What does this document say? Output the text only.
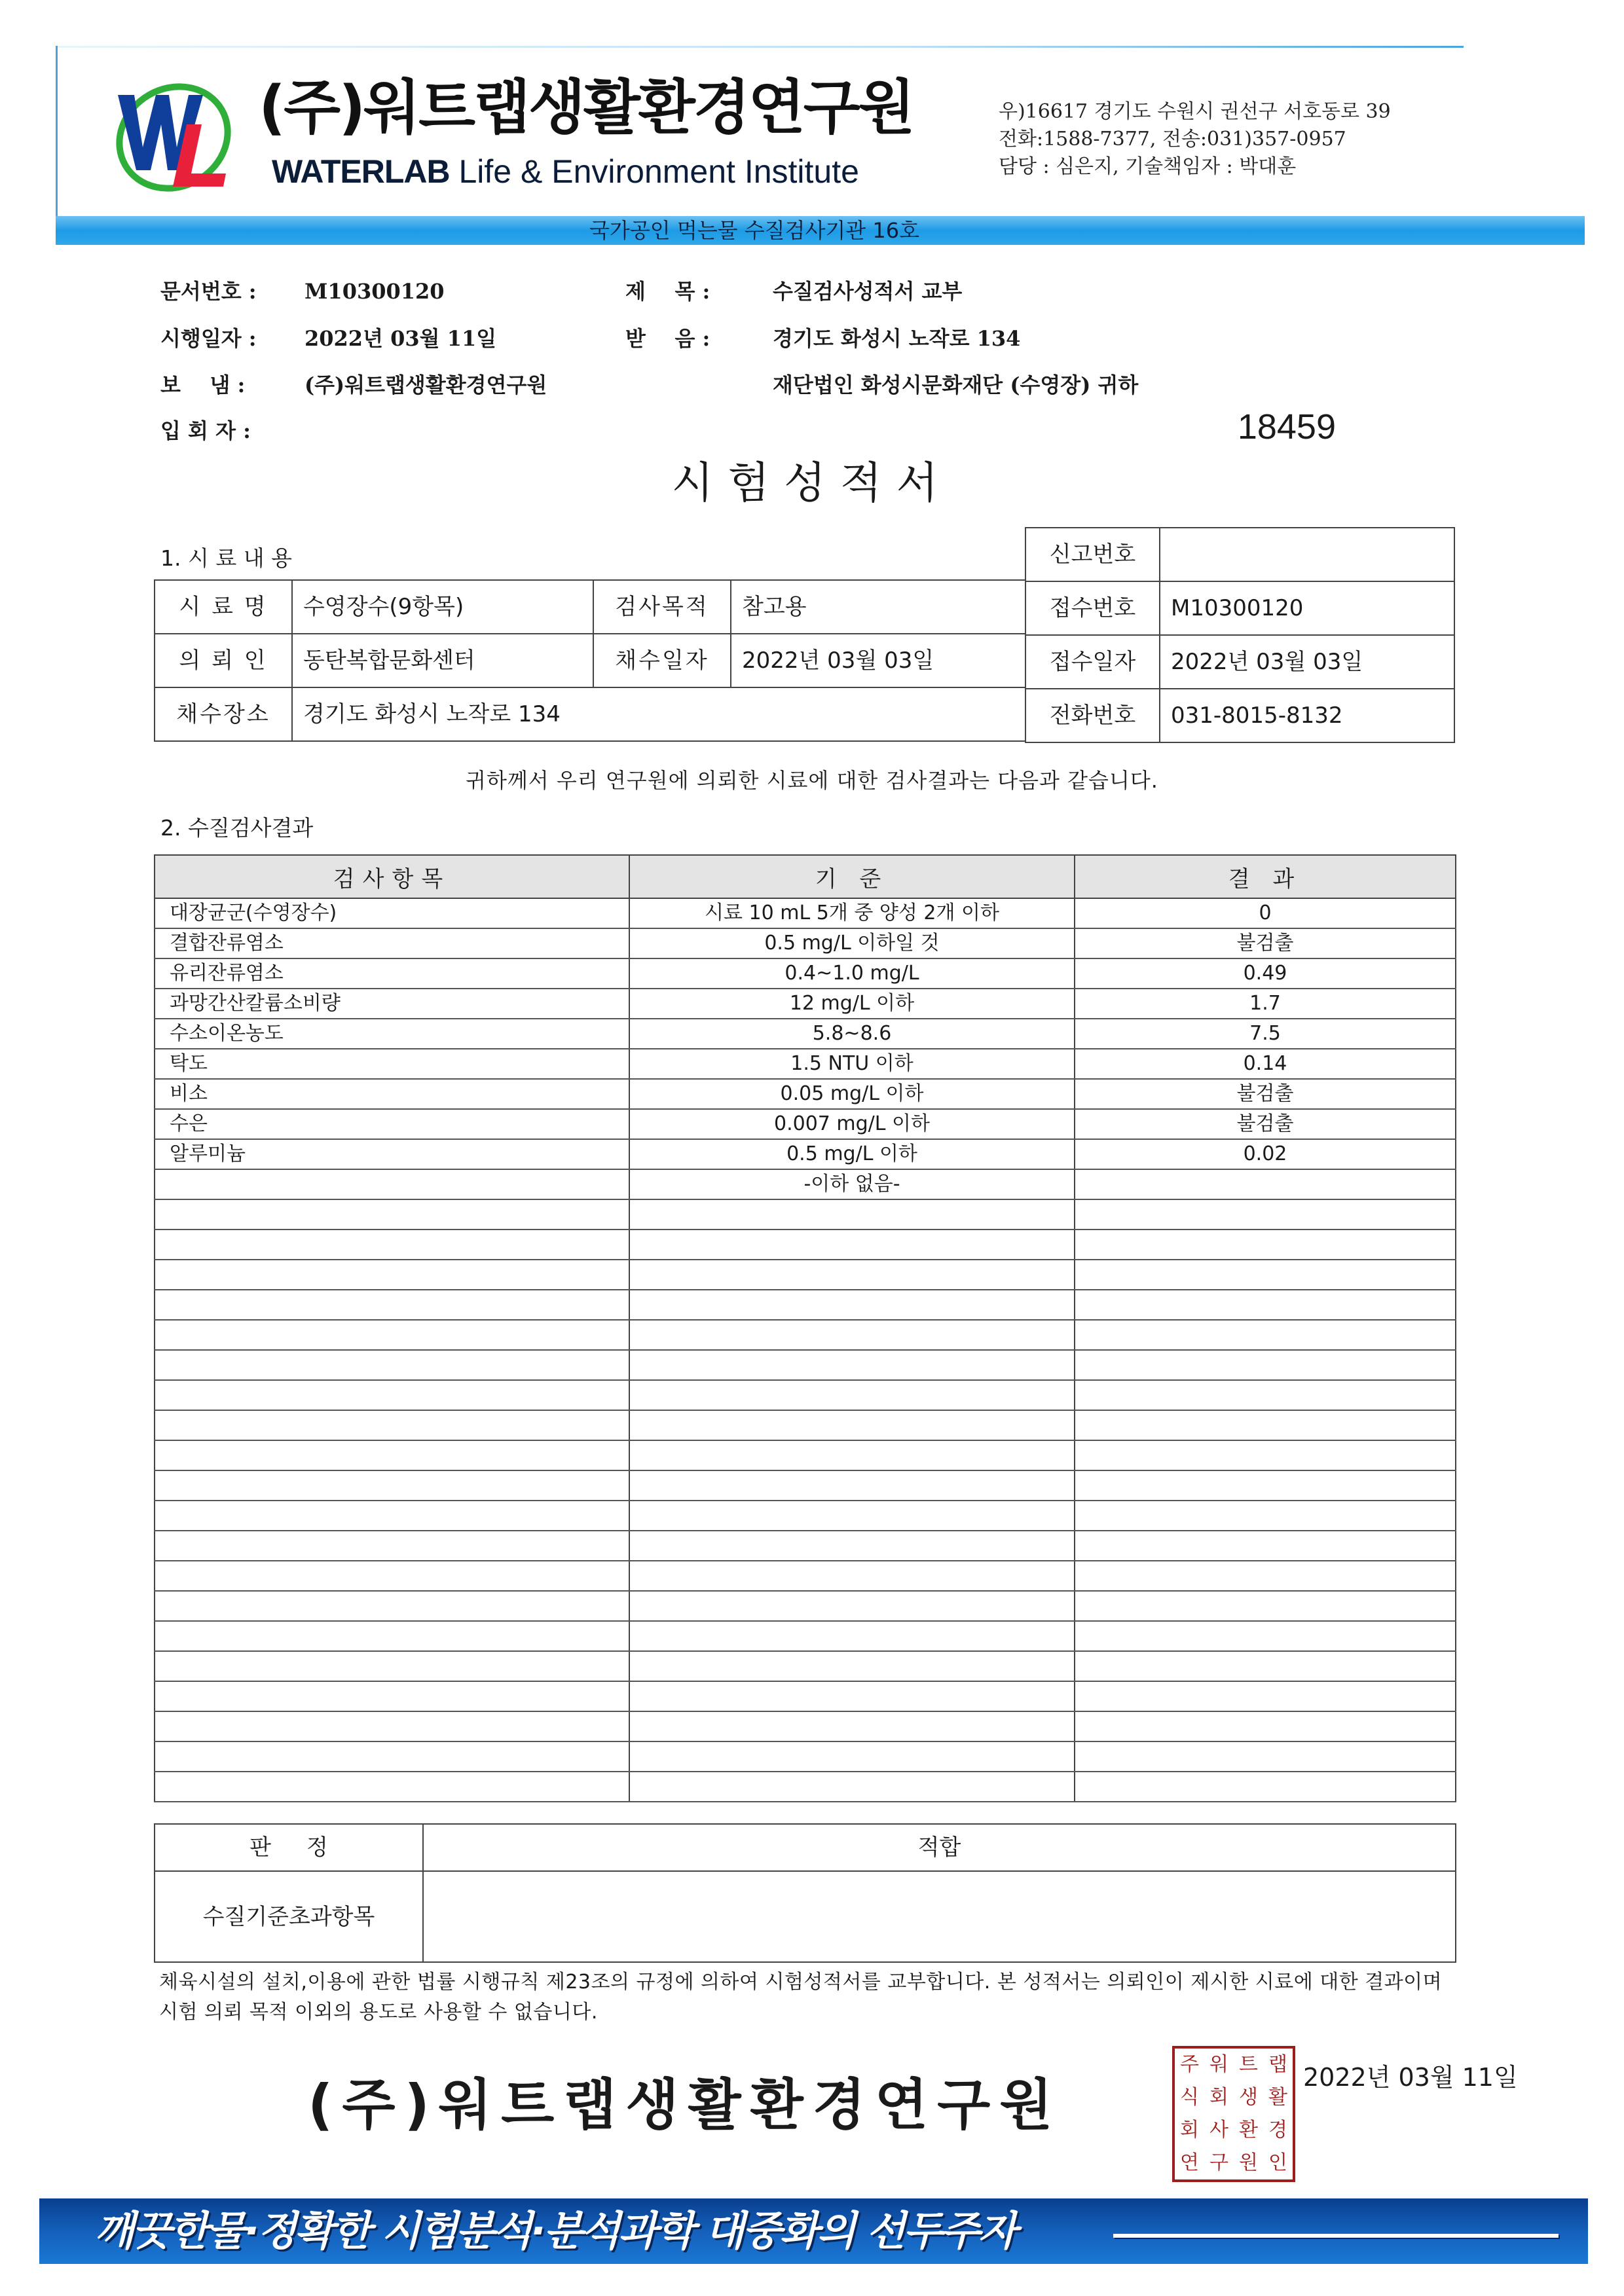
(주)워트랩생활환경연구원
WATERLAB Life & Environment Institute
우)16617 경기도 수원시 권선구 서호동로 39
전화:1588-7377, 전송:031)357-0957
담당 : 심은지, 기술책임자 : 박대훈
국가공인 먹는물 수질검사기관 16호
문서번호 : M10300120	제    목 :	수질검사성적서 교부
시행일자 : 2022년 03월 11일	받    음 :	경기도 화성시 노작로 134
보    냄 :	(주)워트랩생활환경연구원	재단법인 화성시문화재단 (수영장) 귀하
입 회 자 :	18459
시험성적서
1. 시 료 내 용	신고번호	
접수번호	M10300120
접수일자	2022년 03월 03일
전화번호	031-8015-8132
시 료 명	수영장수(9항목)	검사목적	참고용
의 뢰 인	동탄복합문화센터	채수일자	2022년 03월 03일
채수장소	경기도 화성시 노작로 134		
귀하께서 우리 연구원에 의뢰한 시료에 대한 검사결과는 다음과 같습니다.
2. 수질검사결과
검사항목	기 준	결 과
대장균군(수영장수)	시료 10 mL 5개 중 양성 2개 이하	0
결합잔류염소	0.5 mg/L 이하일 것	불검출
유리잔류염소	0.4~1.0 mg/L	0.49
과망간산칼륨소비량	12 mg/L 이하	1.7
수소이온농도	5.8~8.6	7.5
탁도	1.5 NTU 이하	0.14
비소	0.05 mg/L 이하	불검출
수은	0.007 mg/L 이하	불검출
알루미늄	0.5 mg/L 이하	0.02
	-이하 없음-	

판     정	적합
수질기준초과항목	
체육시설의 설치,이용에 관한 법률 시행규칙 제23조의 규정에 의하여 시험성적서를 교부합니다. 본 성적서는 의뢰인이 제시한 시료에 대한 결과이며 시험 의뢰 목적 이외의 용도로 사용할 수 없습니다.
(주)워트랩생활환경연구원
주 워 트 랩
식 회 생 활
회 사 환 경
연 구 원 인
2022년 03월 11일
깨끗한물·정확한 시험분석·분석과학 대중화의 선두주자
